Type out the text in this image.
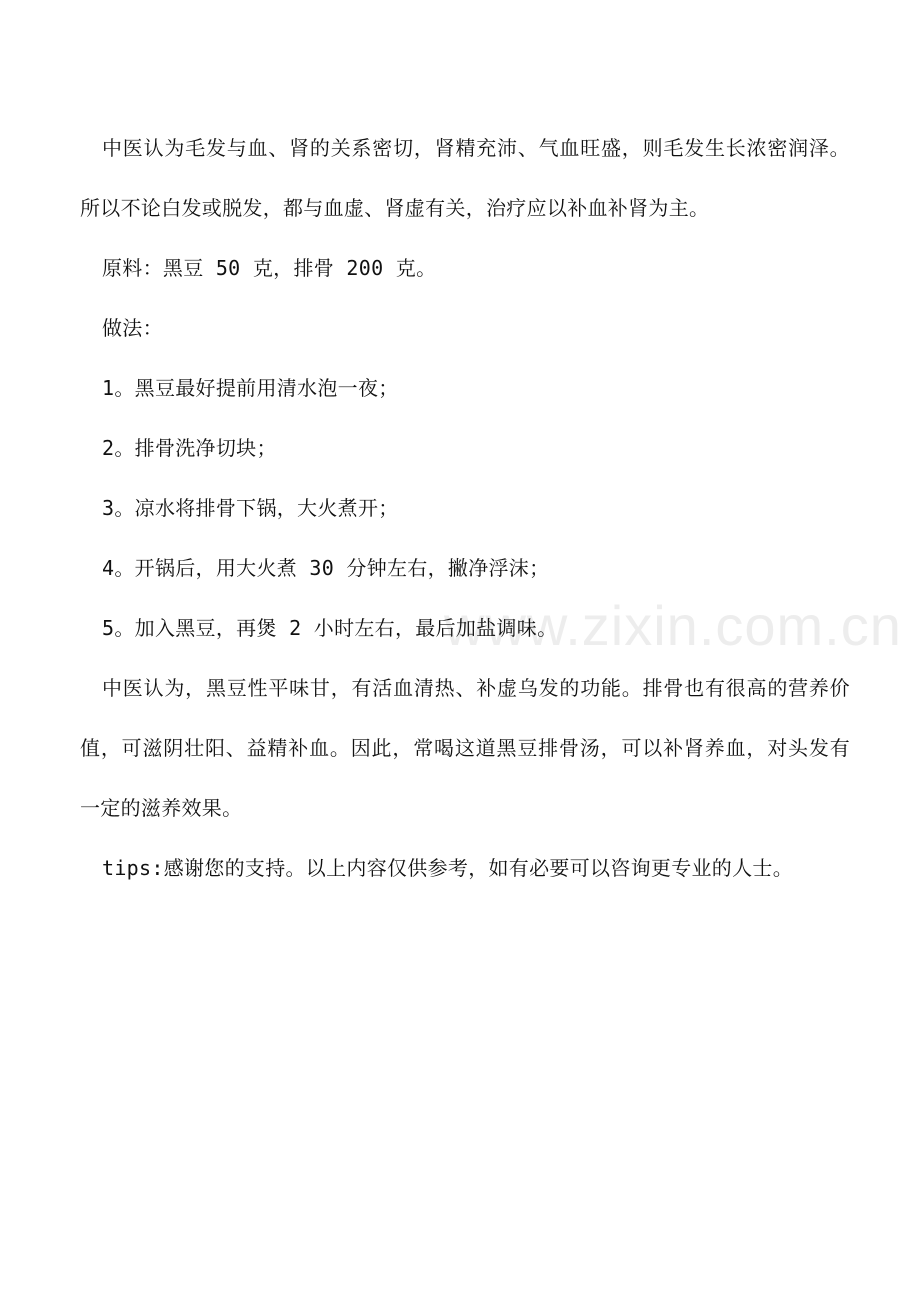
www.zixin.com.cn

中医认为毛发与血、肾的关系密切，肾精充沛、气血旺盛，则毛发生长浓密润泽。所以不论白发或脱发，都与血虚、肾虚有关，治疗应以补血补肾为主。

原料：黑豆 50 克，排骨 200 克。

做法：

1。黑豆最好提前用清水泡一夜；

2。排骨洗净切块；

3。凉水将排骨下锅，大火煮开；

4。开锅后，用大火煮 30 分钟左右，撇净浮沫；

5。加入黑豆，再煲 2 小时左右，最后加盐调味。

中医认为，黑豆性平味甘，有活血清热、补虚乌发的功能。排骨也有很高的营养价值，可滋阴壮阳、益精补血。因此，常喝这道黑豆排骨汤，可以补肾养血，对头发有一定的滋养效果。

tips:感谢您的支持。以上内容仅供参考，如有必要可以咨询更专业的人士。
